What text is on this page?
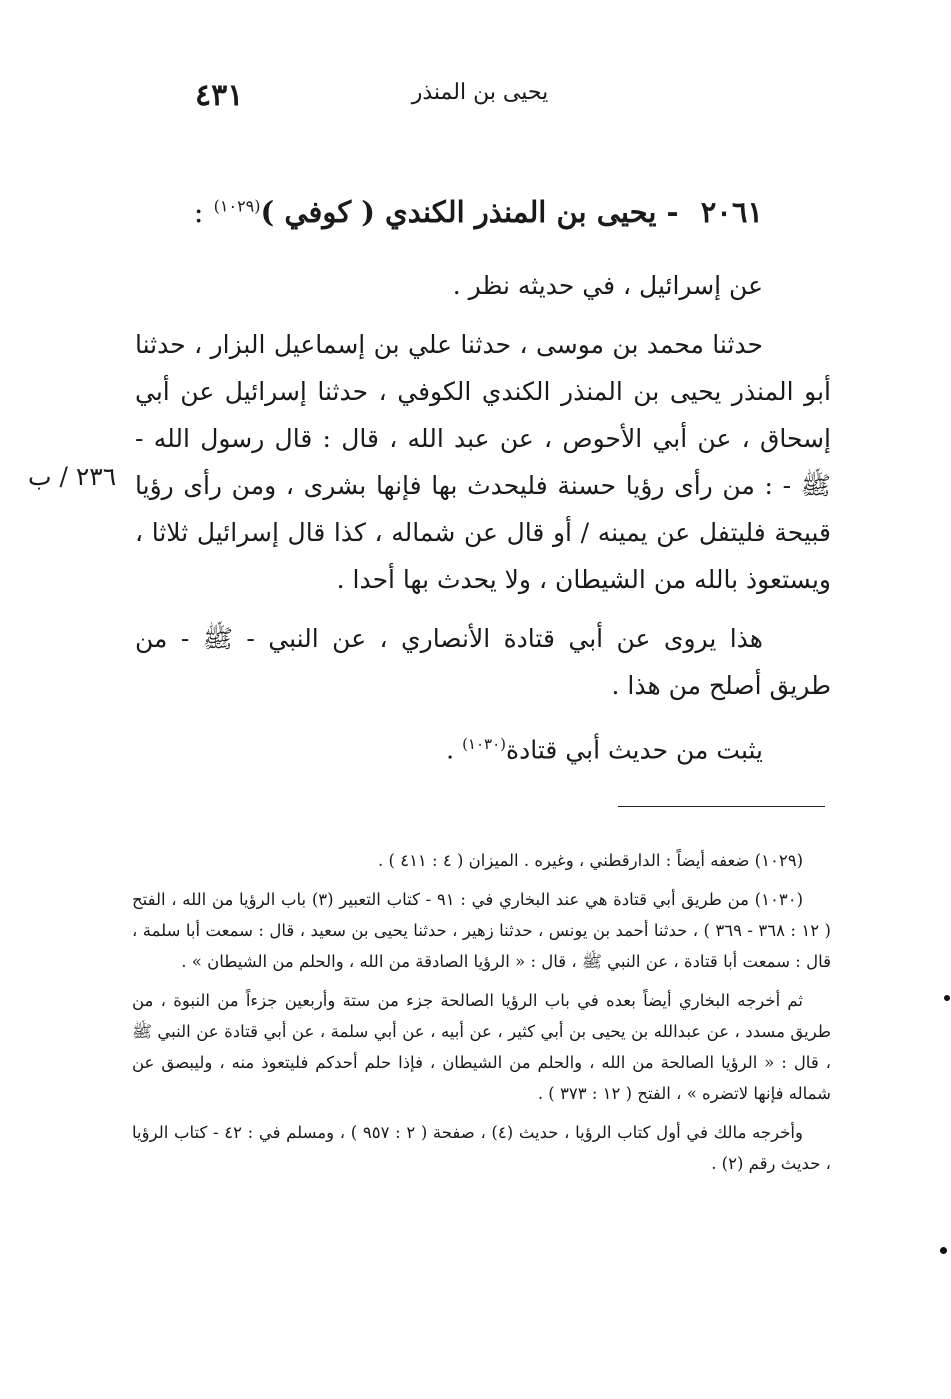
يحيى بن المنذر
٤٣١
٢٠٦١ - يحيى بن المنذر الكندي ( كوفي )$^{(١٠٢٩)}$ :

عن إسرائيل ، في حديثه نظر .

حدثنا محمد بن موسى ، حدثنا علي بن إسماعيل البزار ، حدثنا أبو المنذر يحيى بن المنذر الكندي الكوفي ، حدثنا إسرائيل عن أبي إسحاق ، عن أبي الأحوص ، عن عبد الله ، قال : قال رسول الله - ﷺ - : من رأى رؤيا حسنة فليحدث بها فإنها بشرى ، ومن رأى رؤيا قبيحة فليتفل عن يمينه / أو قال عن شماله ، كذا قال إسرائيل ثلاثا ، ويستعوذ بالله من الشيطان ، ولا يحدث بها أحدا .

هذا يروى عن أبي قتادة الأنصاري ، عن النبي - ﷺ - من طريق أصلح من هذا .

يثبت من حديث أبي قتادة$^{(١٠٣٠)}$ .

٢٣٦ / ب

(١٠٢٩) ضعفه أيضاً : الدارقطني ، وغيره . الميزان ( ٤ : ٤١١ ) .

(١٠٣٠) من طريق أبي قتادة هي عند البخاري في : ٩١ - كتاب التعبير (٣) باب الرؤيا من الله ، الفتح ( ١٢ : ٣٦٨ - ٣٦٩ ) ، حدثنا أحمد بن يونس ، حدثنا زهير ، حدثنا يحيى بن سعيد ، قال : سمعت أبا سلمة ، قال : سمعت أبا قتادة ، عن النبي ﷺ ، قال : « الرؤيا الصادقة من الله ، والحلم من الشيطان » .

ثم أخرجه البخاري أيضاً بعده في باب الرؤيا الصالحة جزء من ستة وأربعين جزءاً من النبوة ، من طريق مسدد ، عن عبدالله بن يحيى بن أبي كثير ، عن أبيه ، عن أبي سلمة ، عن أبي قتادة عن النبي ﷺ ، قال : « الرؤيا الصالحة من الله ، والحلم من الشيطان ، فإذا حلم أحدكم فليتعوذ منه ، وليبصق عن شماله فإنها لاتضره » ، الفتح ( ١٢ : ٣٧٣ ) .

وأخرجه مالك في أول كتاب الرؤيا ، حديث (٤) ، صفحة ( ٢ : ٩٥٧ ) ، ومسلم في : ٤٢ - كتاب الرؤيا ، حديث رقم (٢) .
